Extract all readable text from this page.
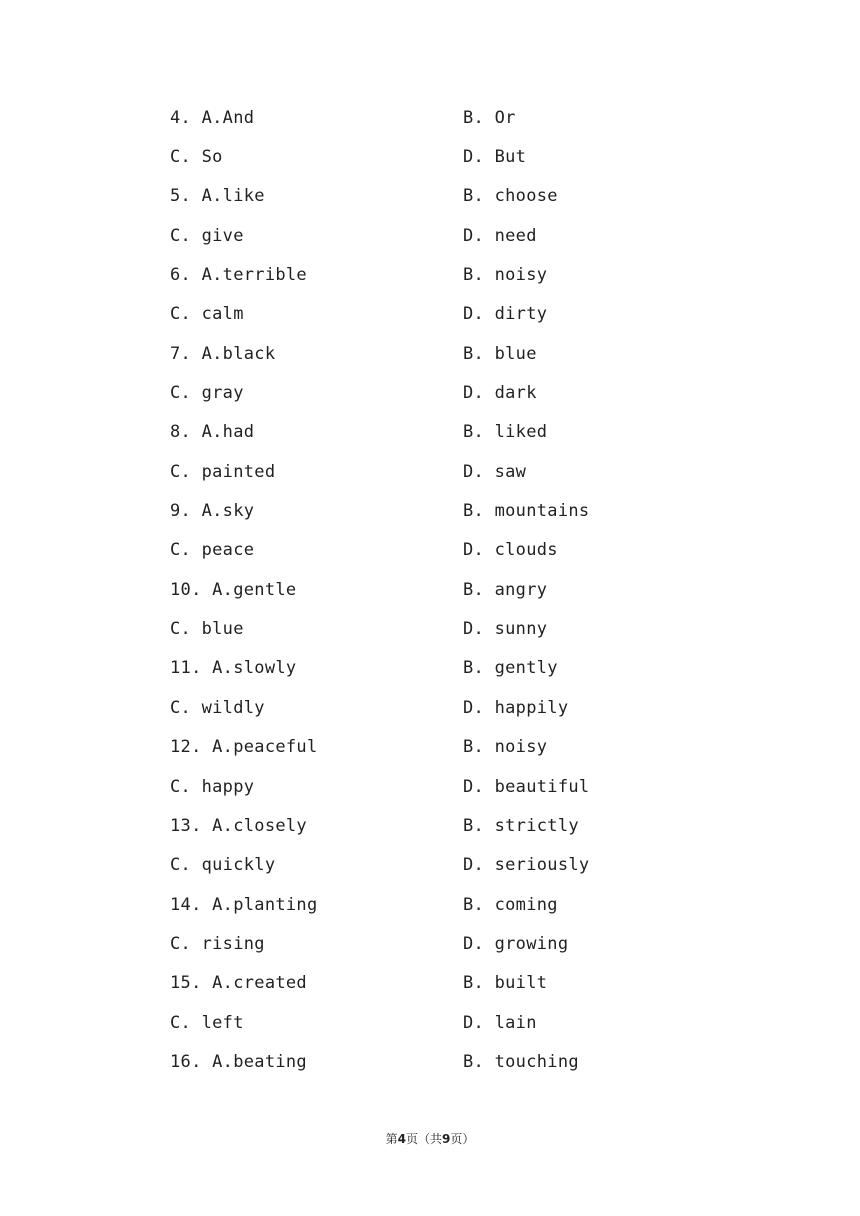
4. A.And	B. Or
C. So	D. But
5. A.like	B. choose
C. give	D. need
6. A.terrible	B. noisy
C. calm	D. dirty
7. A.black	B. blue
C. gray	D. dark
8. A.had	B. liked
C. painted	D. saw
9. A.sky	B. mountains
C. peace	D. clouds
10. A.gentle	B. angry
C. blue	D. sunny
11. A.slowly	B. gently
C. wildly	D. happily
12. A.peaceful	B. noisy
C. happy	D. beautiful
13. A.closely	B. strictly
C. quickly	D. seriously
14. A.planting	B. coming
C. rising	D. growing
15. A.created	B. built
C. left	D. lain
16. A.beating	B. touching
第4页（共9页）
